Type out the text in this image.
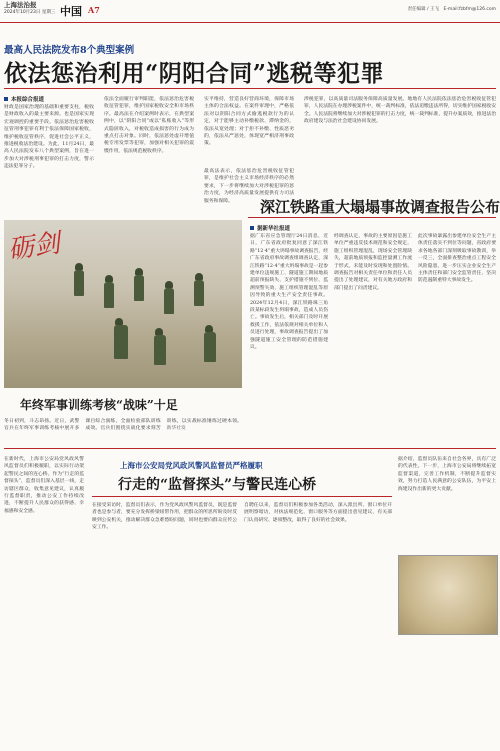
上海法治报
2024年10月23日 星期三 中国 A7	责任编辑 / 王飞　E-mail:fzbfm@126.com
最高人民法院发布8个典型案例
依法惩治利用“阴阳合同”逃税等犯罪
本报综合报道
财政是国家治理的基础和重要支柱，税收是财政收入的最主要来源。也是国家实现宏观调控的重要手段。依法惩治危害税收征管刑事犯罪有利于依法保障国家税收，维护税收征管秩序，促进社会公平正义，推进税收法治建设。为此，11月24日，最高人民法院发布八个典型案例，旨在进一步加大对涉税刑事犯罪的打击力度，警示违法犯罪分子。
依法全面履行审判职能，依法惩治危害税收征管犯罪，维护国家税收安全和市场秩序。最高法在介绍案例时表示，在典型案例中，以“阴阳合同”或以“私账收入”等形式隐匿收入，对税收造成损害的行为成为重点打击对象。同时，依法惩处虚开增值税专用发票等犯罪，加强对相关犯罪的震慑作用，依法规范税收秩序。
实平维持，营造良好营商环境，保障市场主体的合法权益。在案件审理中，严格依法对以阴阳合同方式偷逃税款行为的认定，对于能够主动补缴税款、滞纳金的，依法从宽处理；对于拒不补缴、性质恶劣的，依法从严惩处，体现宽严相济刑事政策。
最高法表示，依法惩治危害税收征管犯罪，是维护社会主义市场经济秩序的必然要求，下一步将继续加大对涉税犯罪的惩治力度，为经济高质量发展提供有力司法服务和保障。
涉税犯罪，以高质量司法服务保障高质量发展。地地有人民法院依法惩治危害税收征管犯罪，人民法院在办理涉税案件中，统一裁判标准，依法追缴违法所得，切实维护国家税收安全。人民法院将继续加大对涉税犯罪的打击力度，统一裁判标准，提升办案质效，推进法治政府建设与法治社会建设协同发展。
深江铁路重大塌塌事故调查报告公布
据新华社报道
据广东省应急管理厅24日消息，近日，广东省政府批复同意了深江铁路“12·4”重大坍塌事故调查报告，经广东省政府事故调查组调查认定，深江铁路“12·4”重大坍塌事故是一起参建单位违规施工、隧道施工期间地质超前预报缺失、支护措施不到位、监测预警失效、施工组织管理混乱等原因导致的重大生产安全责任事故。2024年12月4日，深江铁路珠三角段某标段发生坍塌事故，造成人员伤亡。事故发生后，相关部门及时开展救援工作，依法依规对相关单位和人员进行处理，事故调查报告提出了加强隧道施工安全管理的防范措施建议。
经调查认定，事故的主要原因是施工单位严重违反技术规范和安全规定，施工组织管理混乱，现场安全管理缺失，超前地质预报和监控量测工作流于形式，未能及时发现和处置险情。调查报告对相关责任单位和责任人员提出了处理建议，对有关地方政府和部门提出了问责建议。
此次事故暴露出参建单位安全生产主体责任落实不到位等问题，省政府要求各地各部门深刻吸取事故教训，举一反三，全面排查整治重点工程安全风险隐患，进一步压实企业安全生产主体责任和部门安全监管责任，坚决防范遏制重特大事故发生。
砺剑
年终军事训练考核“战味”十足
冬日初到，斗志昂扬。近日，武警官兵在年终军事训练考核中展开多课目综合演练，全面检验部队训练成效。官兵们围绕实战化要求刻苦训练，以实战标准锤炼过硬本领。 新华社发
在新时代，上海市公安局党风政风警风监督员们积极履职，以实际行动架起警民之间的连心桥。作为“行走的监督探头”，监督员们深入基层一线，走访辖区群众，收集意见建议，认真履行监督职责，推动公安工作持续改进，不断提升人民群众的获得感、幸福感和安全感。
上海市公安局党风政风警风监督员严格履职
行走的“监督探头”与警民连心桥
在接受采访时，监督员们表示，作为党风政风警风监督员，既是监督者也是参与者，要充分发挥桥梁纽带作用，把群众的所思所盼及时反映到公安机关，推动解决群众急难愁盼问题，同时也要向群众宣传公安工作。
自聘任以来，监督员们积极参加各类活动，深入派出所、窗口单位开展明察暗访，对执法规范化、窗口服务等方面提出意见建议，有关部门认真研究、逐项整改，取得了良好的社会效果。
据介绍，监督员队伍来自社会各界，具有广泛的代表性。下一步，上海市公安局将继续拓宽监督渠道，完善工作机制，不断提升监督实效，努力打造人民满意的公安队伍，为平安上海建设作出新的更大贡献。
